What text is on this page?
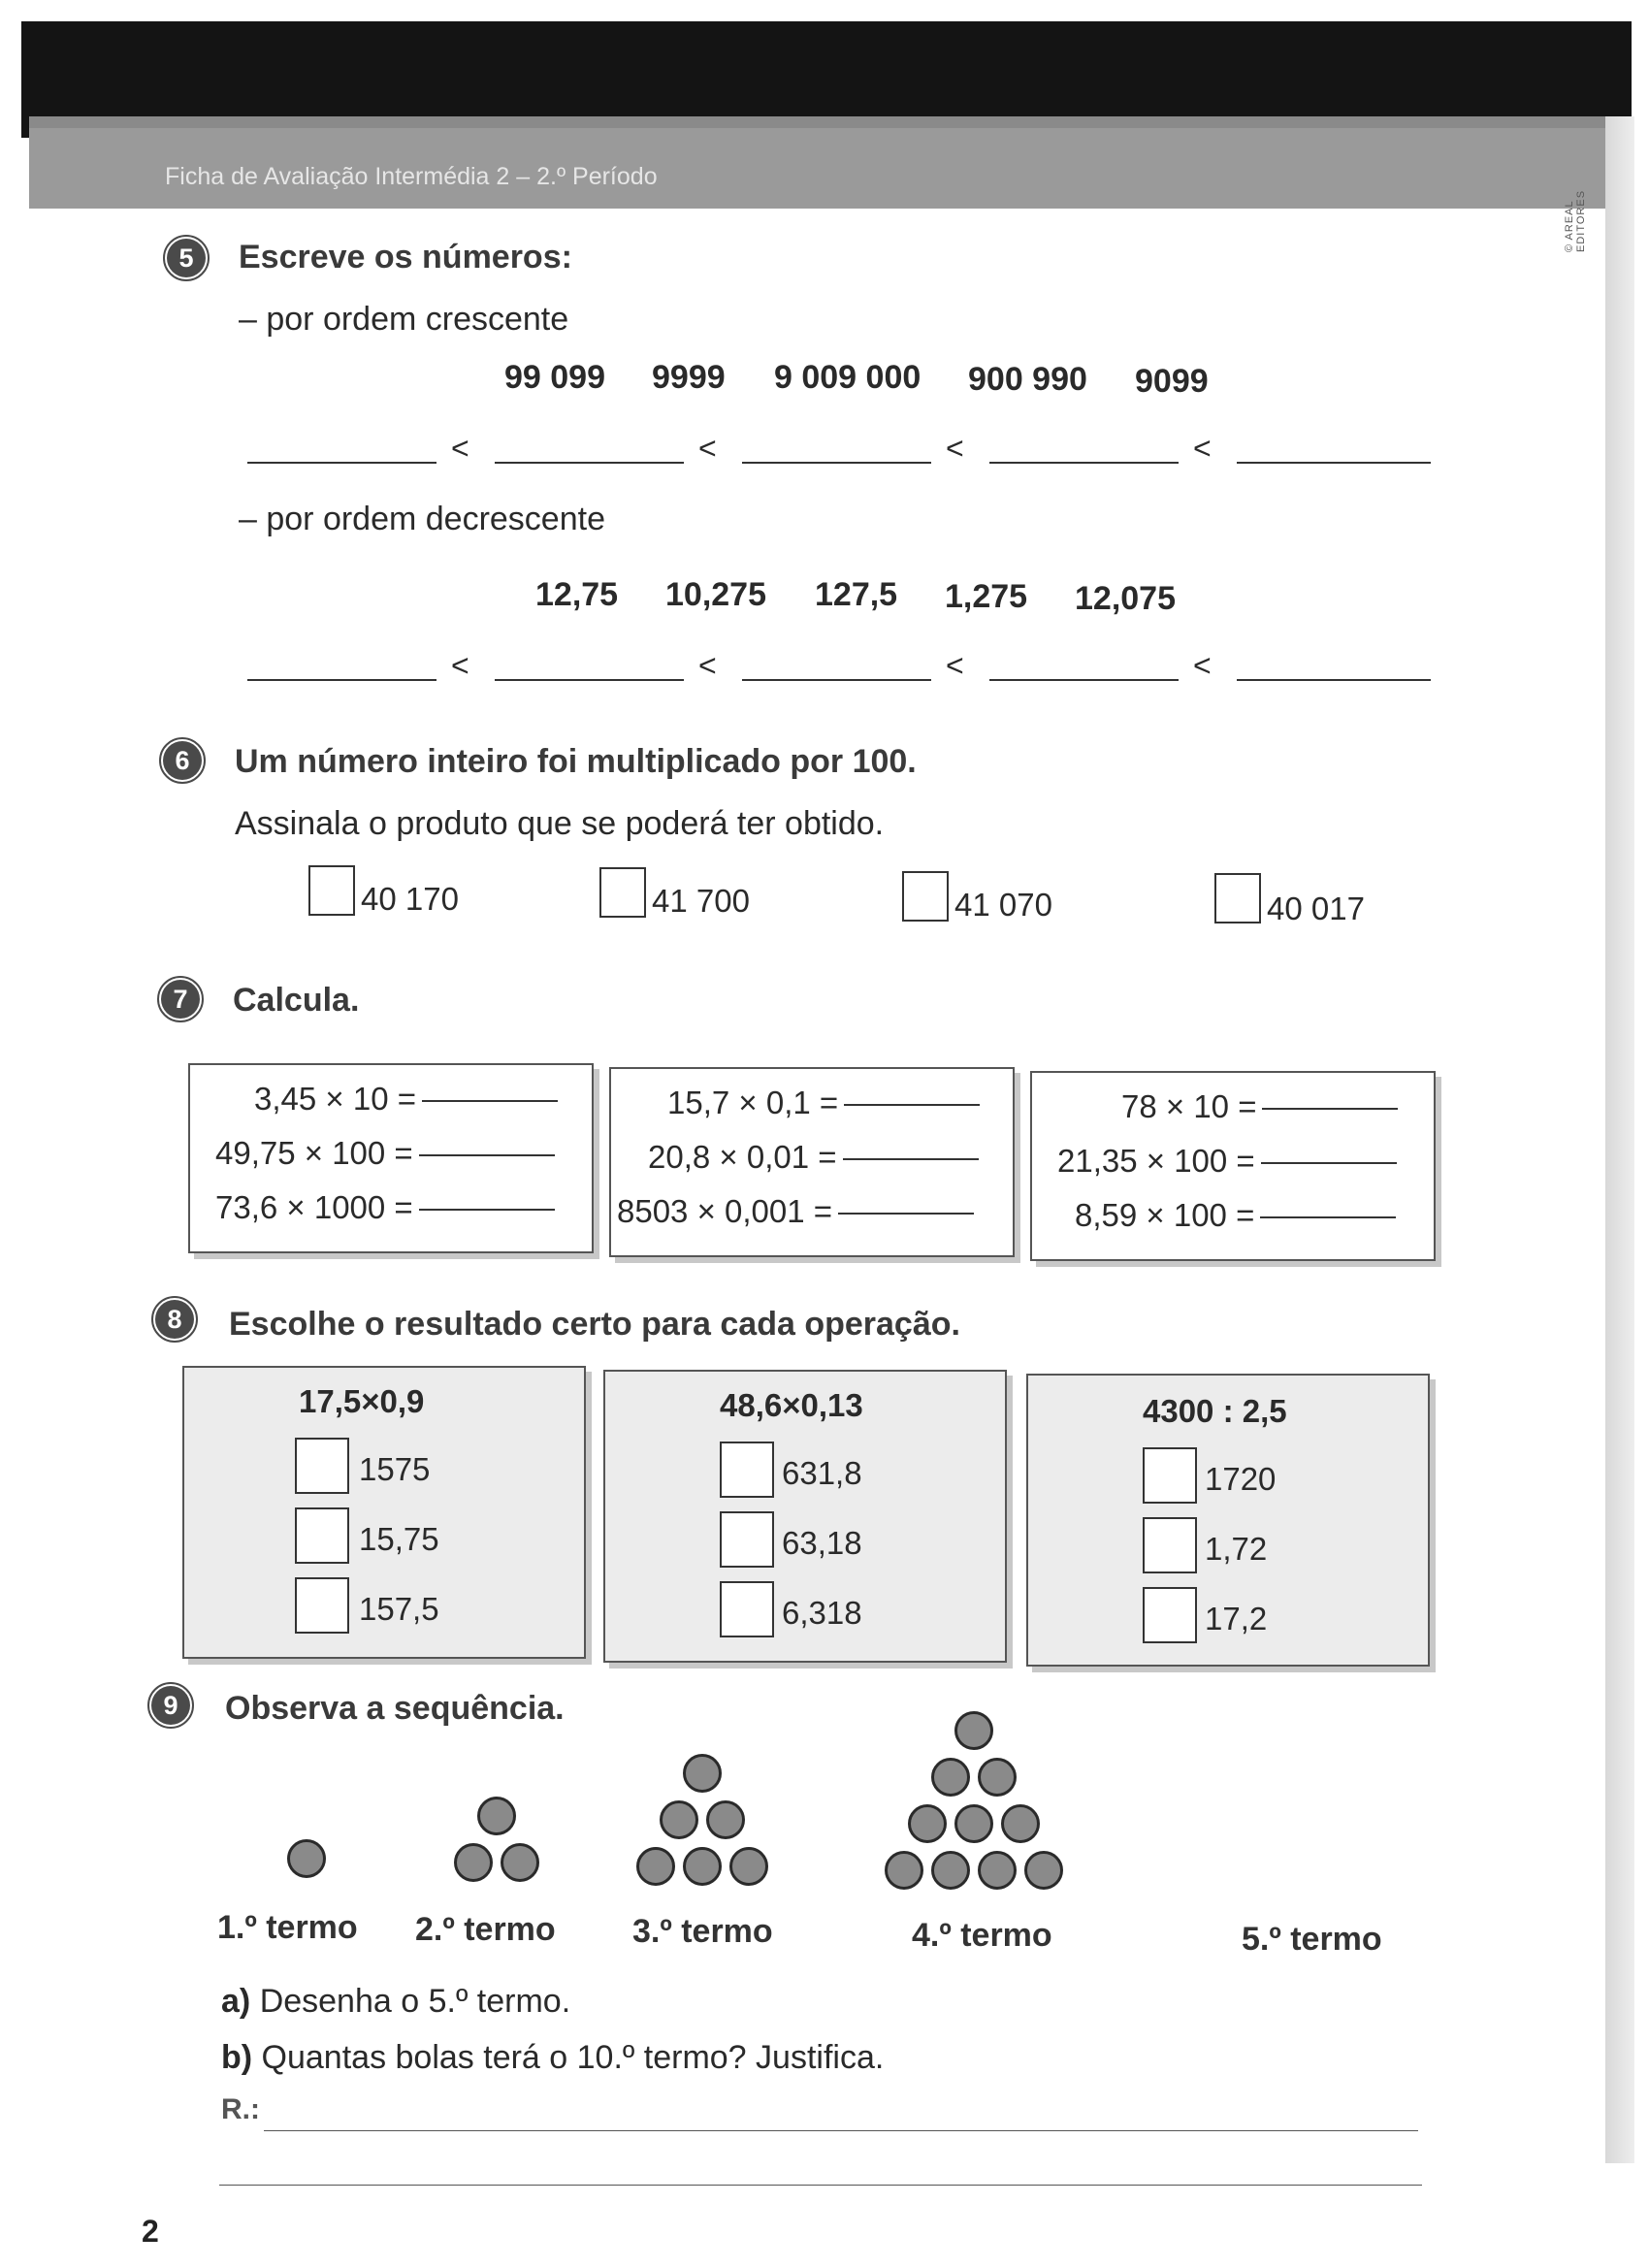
Ficha de Avaliação Intermédia 2 – 2.º Período
© AREAL EDITORES
5	Escreve os números:
– por ordem crescente
99 099 9999 9 009 000 900 990 9099
<	<	<	<
– por ordem decrescente
12,75 10,275 127,5 1,275 12,075
<	<	<	<
6	Um número inteiro foi multiplicado por 100.
Assinala o produto que se poderá ter obtido.
40 170	41 700	41 070	40 017
7	Calcula.
3,45 × 10 =
49,75 × 100 =
73,6 × 1000 =
15,7 × 0,1 =
20,8 × 0,01 =
8503 × 0,001 =
78 × 10 =
21,35 × 100 =
8,59 × 100 =
8	Escolhe o resultado certo para cada operação.
17,5×0,9
1575
15,75
157,5
48,6×0,13
631,8
63,18
6,318
4300 : 2,5
1720
1,72
17,2
9	Observa a sequência.
1.º termo 2.º termo 3.º termo	4.º termo	5.º termo
a) Desenha o 5.º termo.
b) Quantas bolas terá o 10.º termo? Justifica.
R.:
2
